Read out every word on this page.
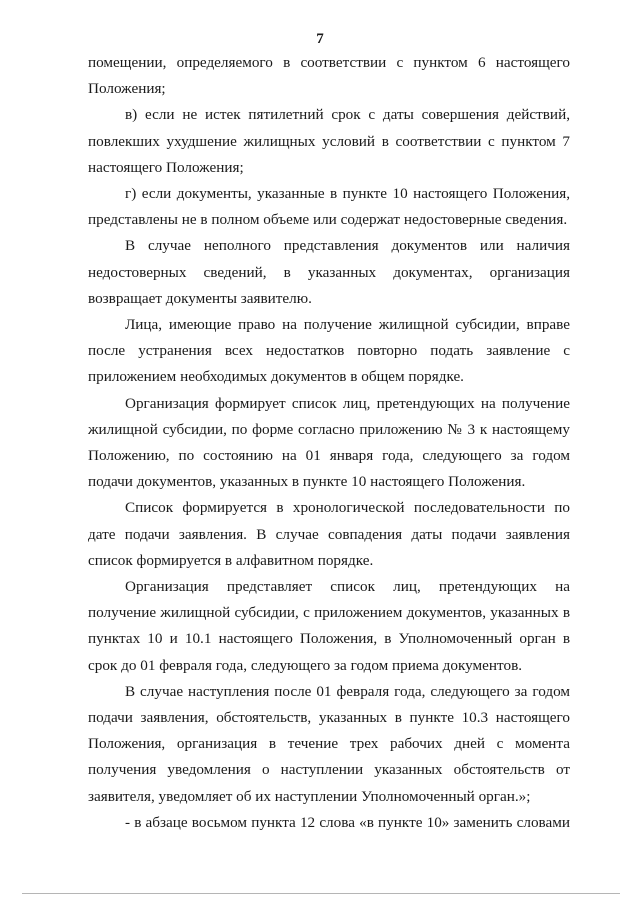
7

помещении, определяемого в соответствии с пунктом 6 настоящего Положения;

в) если не истек пятилетний срок с даты совершения действий, повлекших ухудшение жилищных условий в соответствии с пунктом 7 настоящего Положения;

г) если документы, указанные в пункте 10 настоящего Положения, представлены не в полном объеме или содержат недостоверные сведения.

В случае неполного представления документов или наличия недостоверных сведений, в указанных документах, организация возвращает документы заявителю.

Лица, имеющие право на получение жилищной субсидии, вправе после устранения всех недостатков повторно подать заявление с приложением необходимых документов в общем порядке.

Организация формирует список лиц, претендующих на получение жилищной субсидии, по форме согласно приложению № 3 к настоящему Положению, по состоянию на 01 января года, следующего за годом подачи документов, указанных в пункте 10 настоящего Положения.

Список формируется в хронологической последовательности по дате подачи заявления. В случае совпадения даты подачи заявления список формируется в алфавитном порядке.

Организация представляет список лиц, претендующих на получение жилищной субсидии, с приложением документов, указанных в пунктах 10 и 10.1 настоящего Положения, в Уполномоченный орган в срок до 01 февраля года, следующего за годом приема документов.

В случае наступления после 01 февраля года, следующего за годом подачи заявления, обстоятельств, указанных в пункте 10.3 настоящего Положения, организация в течение трех рабочих дней с момента получения уведомления о наступлении указанных обстоятельств от заявителя, уведомляет об их наступлении Уполномоченный орган.»;

- в абзаце восьмом пункта 12 слова «в пункте 10» заменить словами
